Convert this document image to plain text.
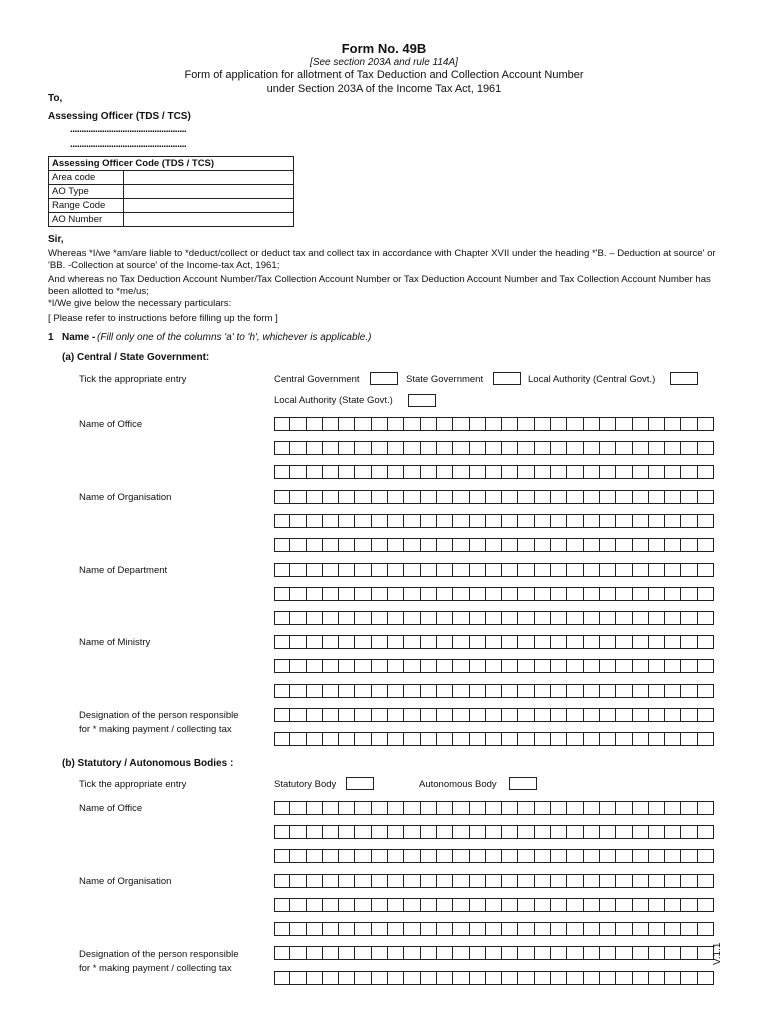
Form No. 49B
[See section 203A and rule 114A]
Form of application for allotment of Tax Deduction and Collection Account Number
under Section 203A of the Income Tax Act, 1961
To,
Assessing Officer (TDS / TCS)
...................................................
...................................................
Assessing Officer Code (TDS / TCS)	
Area code	
AO Type	
Range Code	
AO Number	
Sir,
Whereas *I/we *am/are liable to *deduct/collect or deduct tax and collect tax in accordance with Chapter XVII under the heading *'B. – Deduction at source' or 'BB. -Collection at source' of the Income-tax Act, 1961;
And whereas no Tax Deduction Account Number/Tax Collection Account Number or Tax Deduction Account Number and Tax Collection Account Number has been allotted to *me/us;
*I/We give below the necessary particulars:
[ Please refer to instructions before filling up the form ]
1 Name - (Fill only one of the columns 'a' to 'h', whichever is applicable.)
(a) Central / State Government:
Tick the appropriate entry	Central Government	State Government	Local Authority (Central Govt.)
Local Authority (State Govt.)
Name of Office
Name of Organisation
Name of Department
Name of Ministry
Designation of the person responsible
for * making payment / collecting tax
(b) Statutory / Autonomous Bodies :
Tick the appropriate entry	Statutory Body	Autonomous Body
Name of Office
Name of Organisation
Designation of the person responsible
for * making payment / collecting tax
V.1.1
